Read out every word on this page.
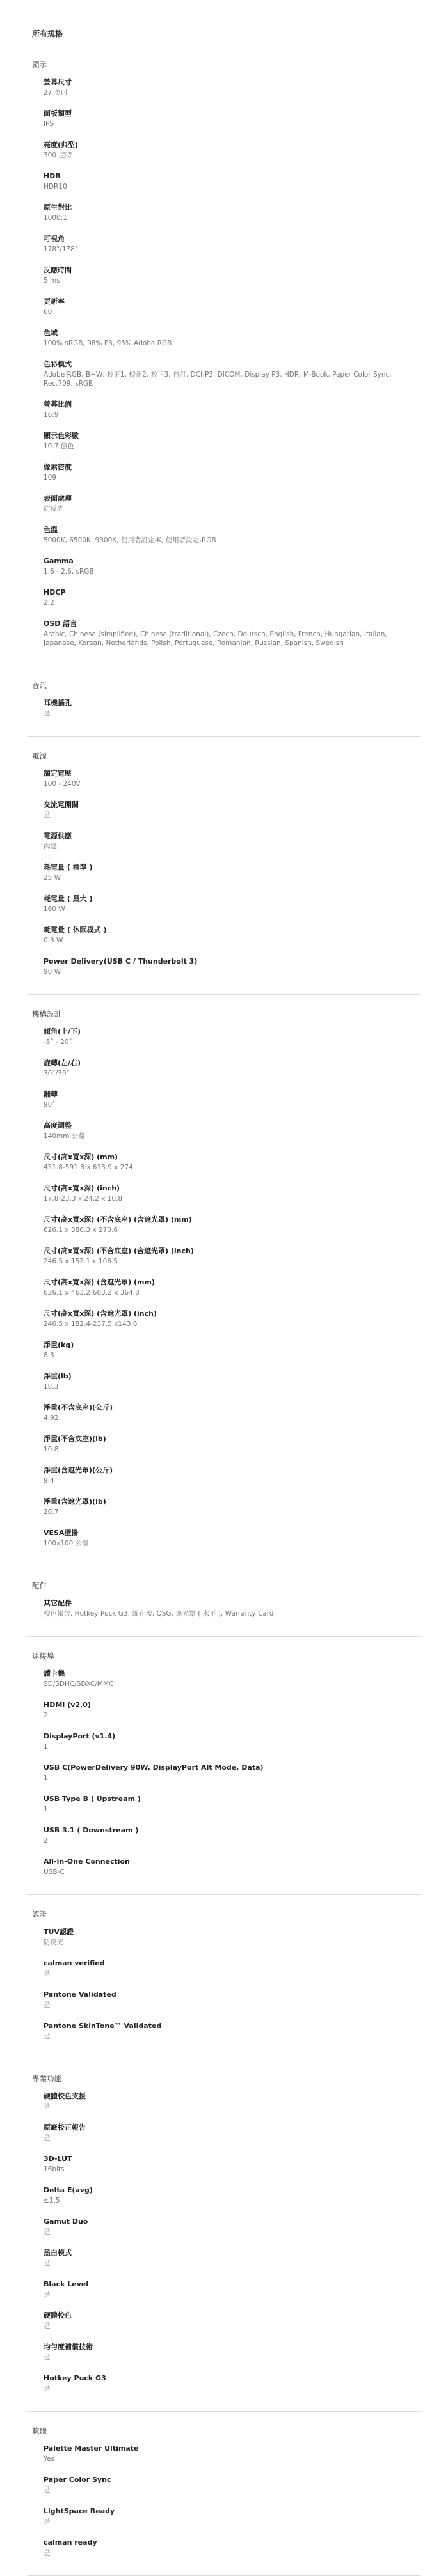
所有規格
顯示
螢幕尺寸
27 英吋
面板類型
IPS
亮度(典型)
300 尼特
HDR
HDR10
原生對比
1000:1
可視角
178°/178°
反應時間
5 ms
更新率
60
色域
100% sRGB, 98% P3, 95% Adobe RGB
色彩模式
Adobe RGB, B+W, 校正1, 校正2, 校正3, 自訂, DCI-P3, DICOM, Display P3, HDR, M-Book, Paper Color Sync, Rec.709, sRGB
螢幕比例
16:9
顯示色彩數
10.7 億色
像素密度
109
表面處理
防反光
色溫
5000K, 6500K, 9300K, 使用者設定-K, 使用者設定-RGB
Gamma
1.6 - 2.6, sRGB
HDCP
2.2
OSD 語言
Arabic, Chinese (simplified), Chinese (traditional), Czech, Deutsch, English, French, Hungarian, Italian, Japanese, Korean, Netherlands, Polish, Portuguese, Romanian, Russian, Spanish, Swedish
音訊
耳機插孔
是
電源
額定電壓
100 - 240V
交流電開關
是
電源供應
內建
耗電量 ( 標準 )
25 W
耗電量 ( 最大 )
160 W
耗電量 ( 休眠模式 )
0.3 W
Power Delivery(USB C / Thunderbolt 3)
90 W
機構設計
傾角(上/下)
-5˚ - 20˚
旋轉(左/右)
30˚/30˚
翻轉
90˚
高度調整
140mm 公釐
尺寸(高x寬x深) (mm)
451.8-591.8 x 613.9 x 274
尺寸(高x寬x深) (inch)
17.8-23.3 x 24.2 x 10.8
尺寸(高x寬x深) (不含底座) (含遮光罩) (mm)
626.1 x 386.3 x 270.6
尺寸(高x寬x深) (不含底座) (含遮光罩) (inch)
246.5 x 152.1 x 106.5
尺寸(高x寬x深) (含遮光罩) (mm)
626.1 x 463.2-603.2 x 364.8
尺寸(高x寬x深) (含遮光罩) (inch)
246.5 x 182.4-237.5 x143.6
淨重(kg)
8.3
淨重(lb)
18.3
淨重(不含底座)(公斤)
4.92
淨重(不含底座)(lb)
10.8
淨重(含遮光罩)(公斤)
9.4
淨重(含遮光罩)(lb)
20.7
VESA壁掛
100x100 公釐
配件
其它配件
校色報告, Hotkey Puck G3, 線孔蓋, QSG, 遮光罩 ( 水平 ), Warranty Card
連接埠
讀卡機
SD/SDHC/SDXC/MMC
HDMI (v2.0)
2
DisplayPort (v1.4)
1
USB C(PowerDelivery 90W, DisplayPort Alt Mode, Data)
1
USB Type B ( Upstream )
1
USB 3.1 ( Downstream )
2
All-in-One Connection
USB-C
認證
TUV認證
防反光
calman verified
是
Pantone Validated
是
Pantone SkinTone™ Validated
是
專業功能
硬體校色支援
是
原廠校正報告
是
3D-LUT
16bits
Delta E(avg)
≤1.5
Gamut Duo
是
黑白模式
是
Black Level
是
硬體校色
是
均勻度補償技術
是
Hotkey Puck G3
是
軟體
Palette Master Ultimate
Yes
Paper Color Sync
是
LightSpace Ready
是
calman ready
是
